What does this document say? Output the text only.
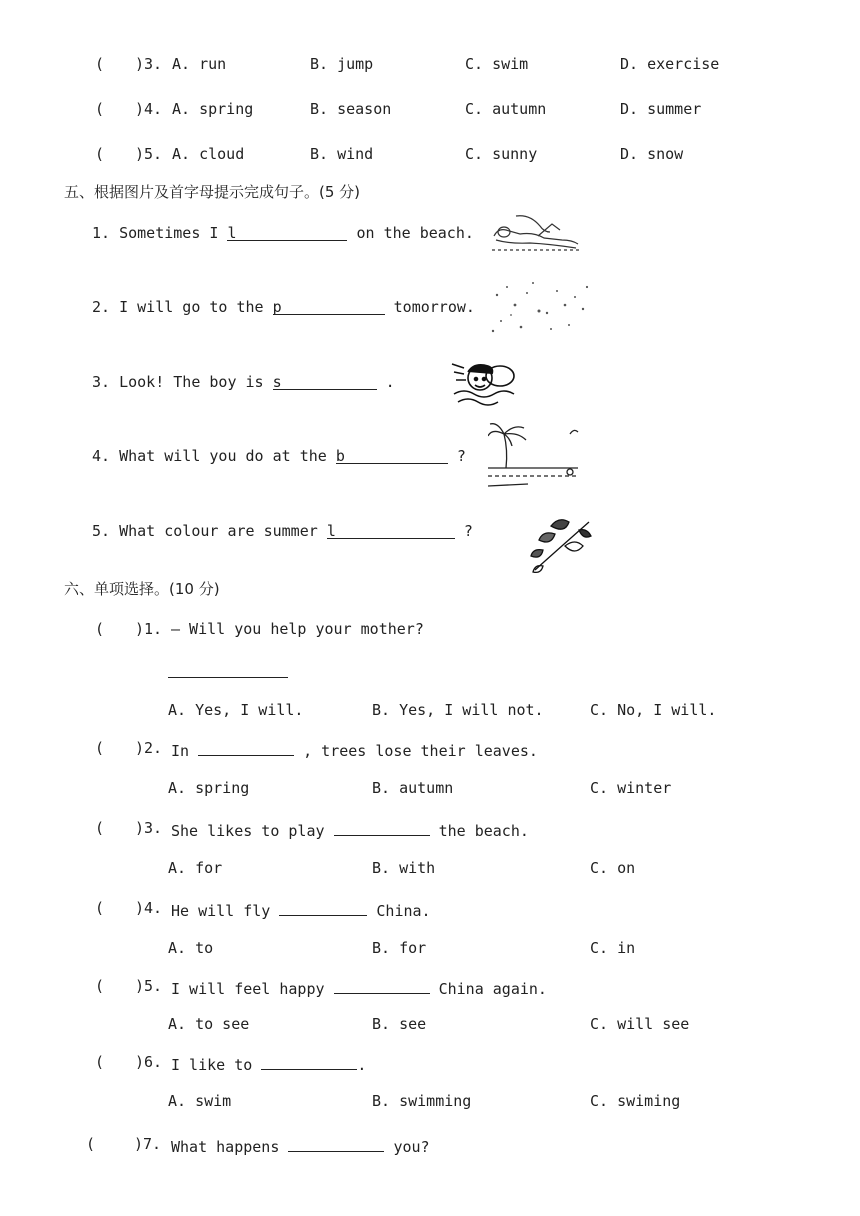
( )3. A. run	B. jump	C. swim	D. exercise
( )4. A. spring	B. season	C. autumn	D. summer
( )5. A. cloud	B. wind	C. sunny	D. snow
五、根据图片及首字母提示完成句子。(5 分)
1. Sometimes I l	on the beach.
2. I will go to the p	tomorrow.
3. Look! The boy is s	.
4. What will you do at the b	?
5. What colour are summer l	?
六、单项选择。(10 分)
( )1. — Will you help your mother?
A. Yes, I will.	B. Yes, I will not.	C. No, I will.
( )2. In	, trees lose their leaves.
A. spring	B. autumn	C. winter
( )3. She likes to play	the beach.
A. for	B. with	C. on
( )4. He will fly	China.
A. to	B. for	C. in
( )5. I will feel happy	China again.
A. to see	B. see	C. will see
( )6. I like to	.
A. swim	B. swimming	C. swiming
(	)7. What happens	you?
